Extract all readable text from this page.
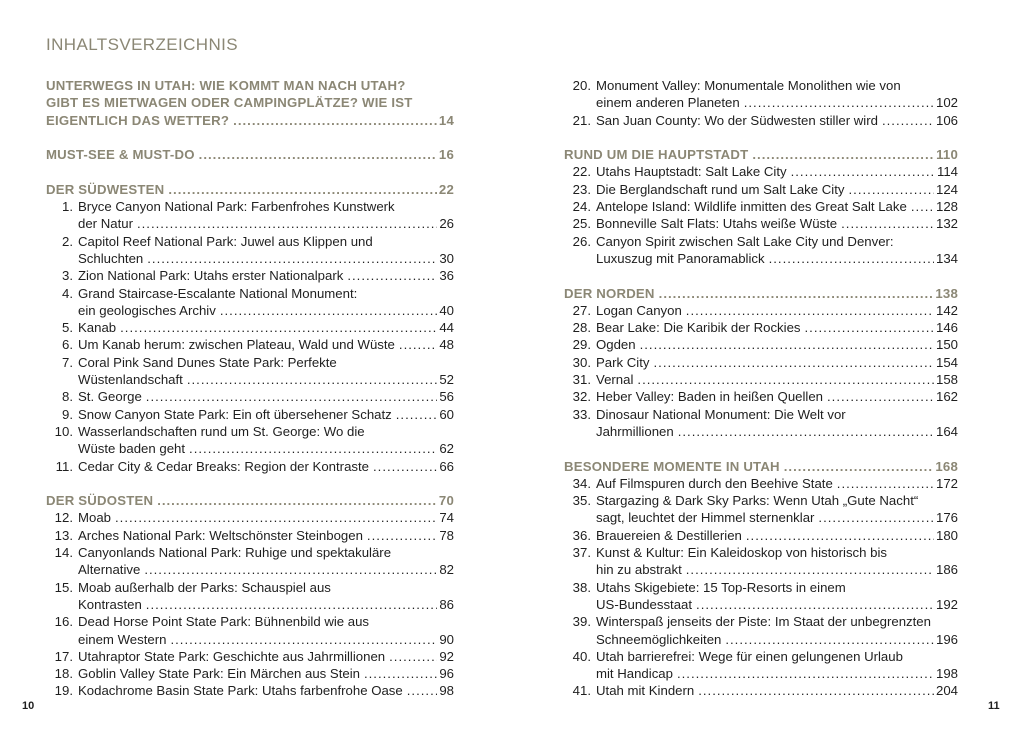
INHALTSVERZEICHNIS
UNTERWEGS IN UTAH: WIE KOMMT MAN NACH UTAH?
GIBT ES MIETWAGEN ODER CAMPINGPLÄTZE? WIE IST
EIGENTLICH DAS WETTER? .....	14
MUST-SEE & MUST-DO .....	16
DER SÜDWESTEN .....	22
1. Bryce Canyon National Park: Farbenfrohes Kunstwerk
der Natur .....	26
2. Capitol Reef National Park: Juwel aus Klippen und
Schluchten .....	30
3. Zion National Park: Utahs erster Nationalpark .....	36
4. Grand Staircase-Escalante National Monument:
ein geologisches Archiv .....	40
5. Kanab .....	44
6. Um Kanab herum: zwischen Plateau, Wald und Wüste .....	48
7. Coral Pink Sand Dunes State Park: Perfekte
Wüstenlandschaft .....	52
8. St. George .....	56
9. Snow Canyon State Park: Ein oft übersehener Schatz .....	60
10. Wasserlandschaften rund um St. George: Wo die
Wüste baden geht .....	62
11. Cedar City & Cedar Breaks: Region der Kontraste .....	66
DER SÜDOSTEN .....	70
12. Moab .....	74
13. Arches National Park: Weltschönster Steinbogen .....	78
14. Canyonlands National Park: Ruhige und spektakuläre
Alternative .....	82
15. Moab außerhalb der Parks: Schauspiel aus
Kontrasten .....	86
16. Dead Horse Point State Park: Bühnenbild wie aus
einem Western .....	90
17. Utahraptor State Park: Geschichte aus Jahrmillionen .....	92
18. Goblin Valley State Park: Ein Märchen aus Stein .....	96
19. Kodachrome Basin State Park: Utahs farbenfrohe Oase .....	98
10
20. Monument Valley: Monumentale Monolithen wie von
einem anderen Planeten .....	102
21. San Juan County: Wo der Südwesten stiller wird .....	106
RUND UM DIE HAUPTSTADT .....	110
22. Utahs Hauptstadt: Salt Lake City .....	114
23. Die Berglandschaft rund um Salt Lake City .....	124
24. Antelope Island: Wildlife inmitten des Great Salt Lake ..... 128
25. Bonneville Salt Flats: Utahs weiße Wüste .....	132
26. Canyon Spirit zwischen Salt Lake City und Denver:
Luxuszug mit Panoramablick .....	134
DER NORDEN .....	138
27. Logan Canyon .....	142
28. Bear Lake: Die Karibik der Rockies .....	146
29. Ogden .....	150
30. Park City .....	154
31. Vernal .....	158
32. Heber Valley: Baden in heißen Quellen .....	162
33. Dinosaur National Monument: Die Welt vor
Jahrmillionen .....	164
BESONDERE MOMENTE IN UTAH .....	168
34. Auf Filmspuren durch den Beehive State .....	172
35. Stargazing & Dark Sky Parks: Wenn Utah „Gute Nacht“
sagt, leuchtet der Himmel sternenklar .....	176
36. Brauereien & Destillerien .....	180
37. Kunst & Kultur: Ein Kaleidoskop von historisch bis
hin zu abstrakt .....	186
38. Utahs Skigebiete: 15 Top-Resorts in einem
US-Bundesstaat .....	192
39. Winterspaß jenseits der Piste: Im Staat der unbegrenzten
Schneemöglichkeiten .....	196
40. Utah barrierefrei: Wege für einen gelungenen Urlaub
mit Handicap .....	198
41. Utah mit Kindern .....	204
11
